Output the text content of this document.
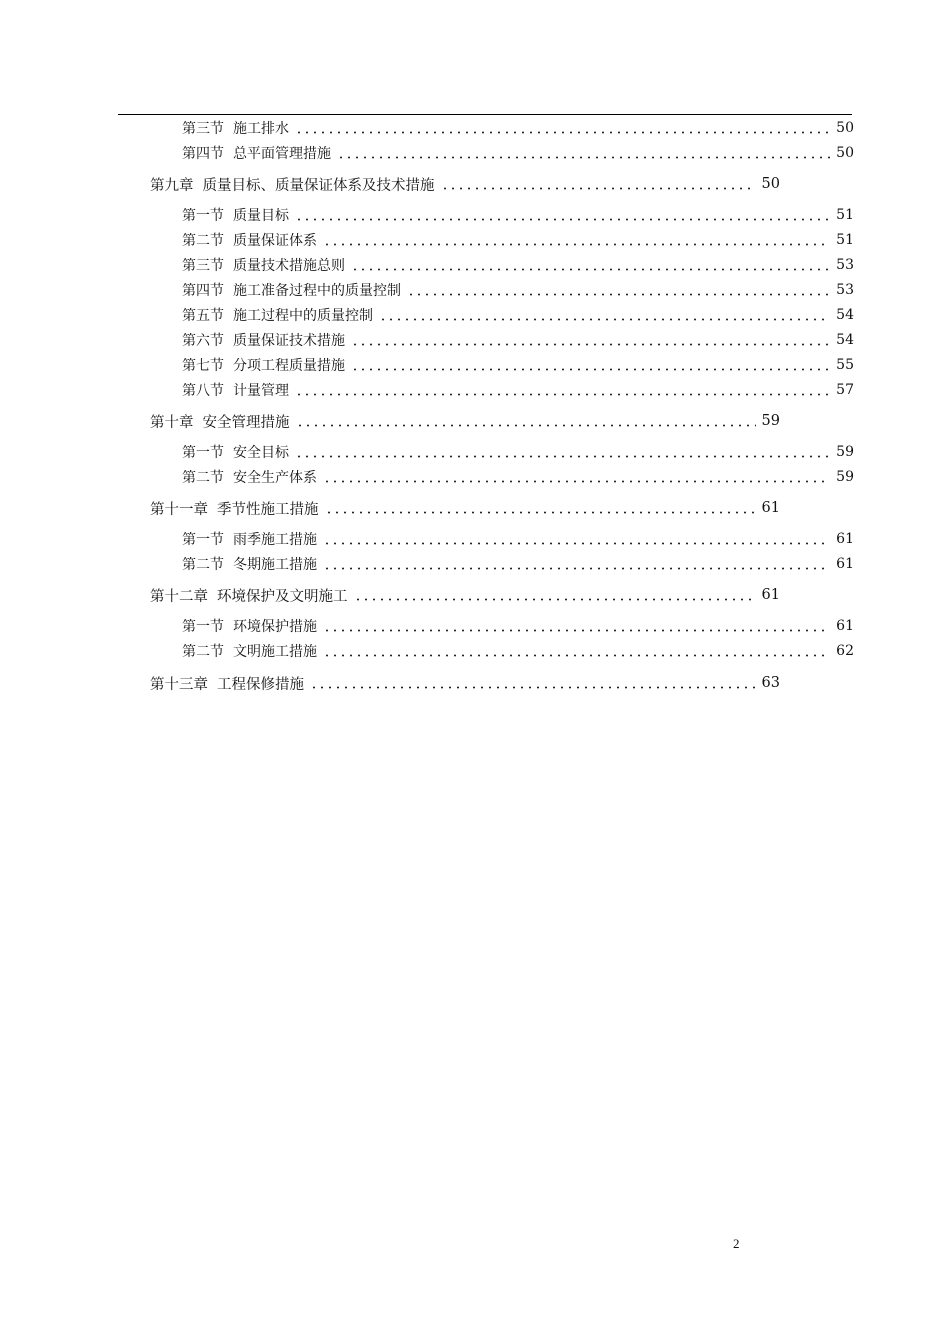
第三节 施工排水	50
第四节 总平面管理措施	50
第九章 质量目标、质量保证体系及技术措施	50
第一节 质量目标	51
第二节 质量保证体系	51
第三节 质量技术措施总则	53
第四节 施工准备过程中的质量控制	53
第五节 施工过程中的质量控制	54
第六节 质量保证技术措施	54
第七节 分项工程质量措施	55
第八节 计量管理	57
第十章 安全管理措施	59
第一节 安全目标	59
第二节 安全生产体系	59
第十一章 季节性施工措施	61
第一节 雨季施工措施	61
第二节 冬期施工措施	61
第十二章 环境保护及文明施工	61
第一节 环境保护措施	61
第二节 文明施工措施	62
第十三章 工程保修措施	63
2
